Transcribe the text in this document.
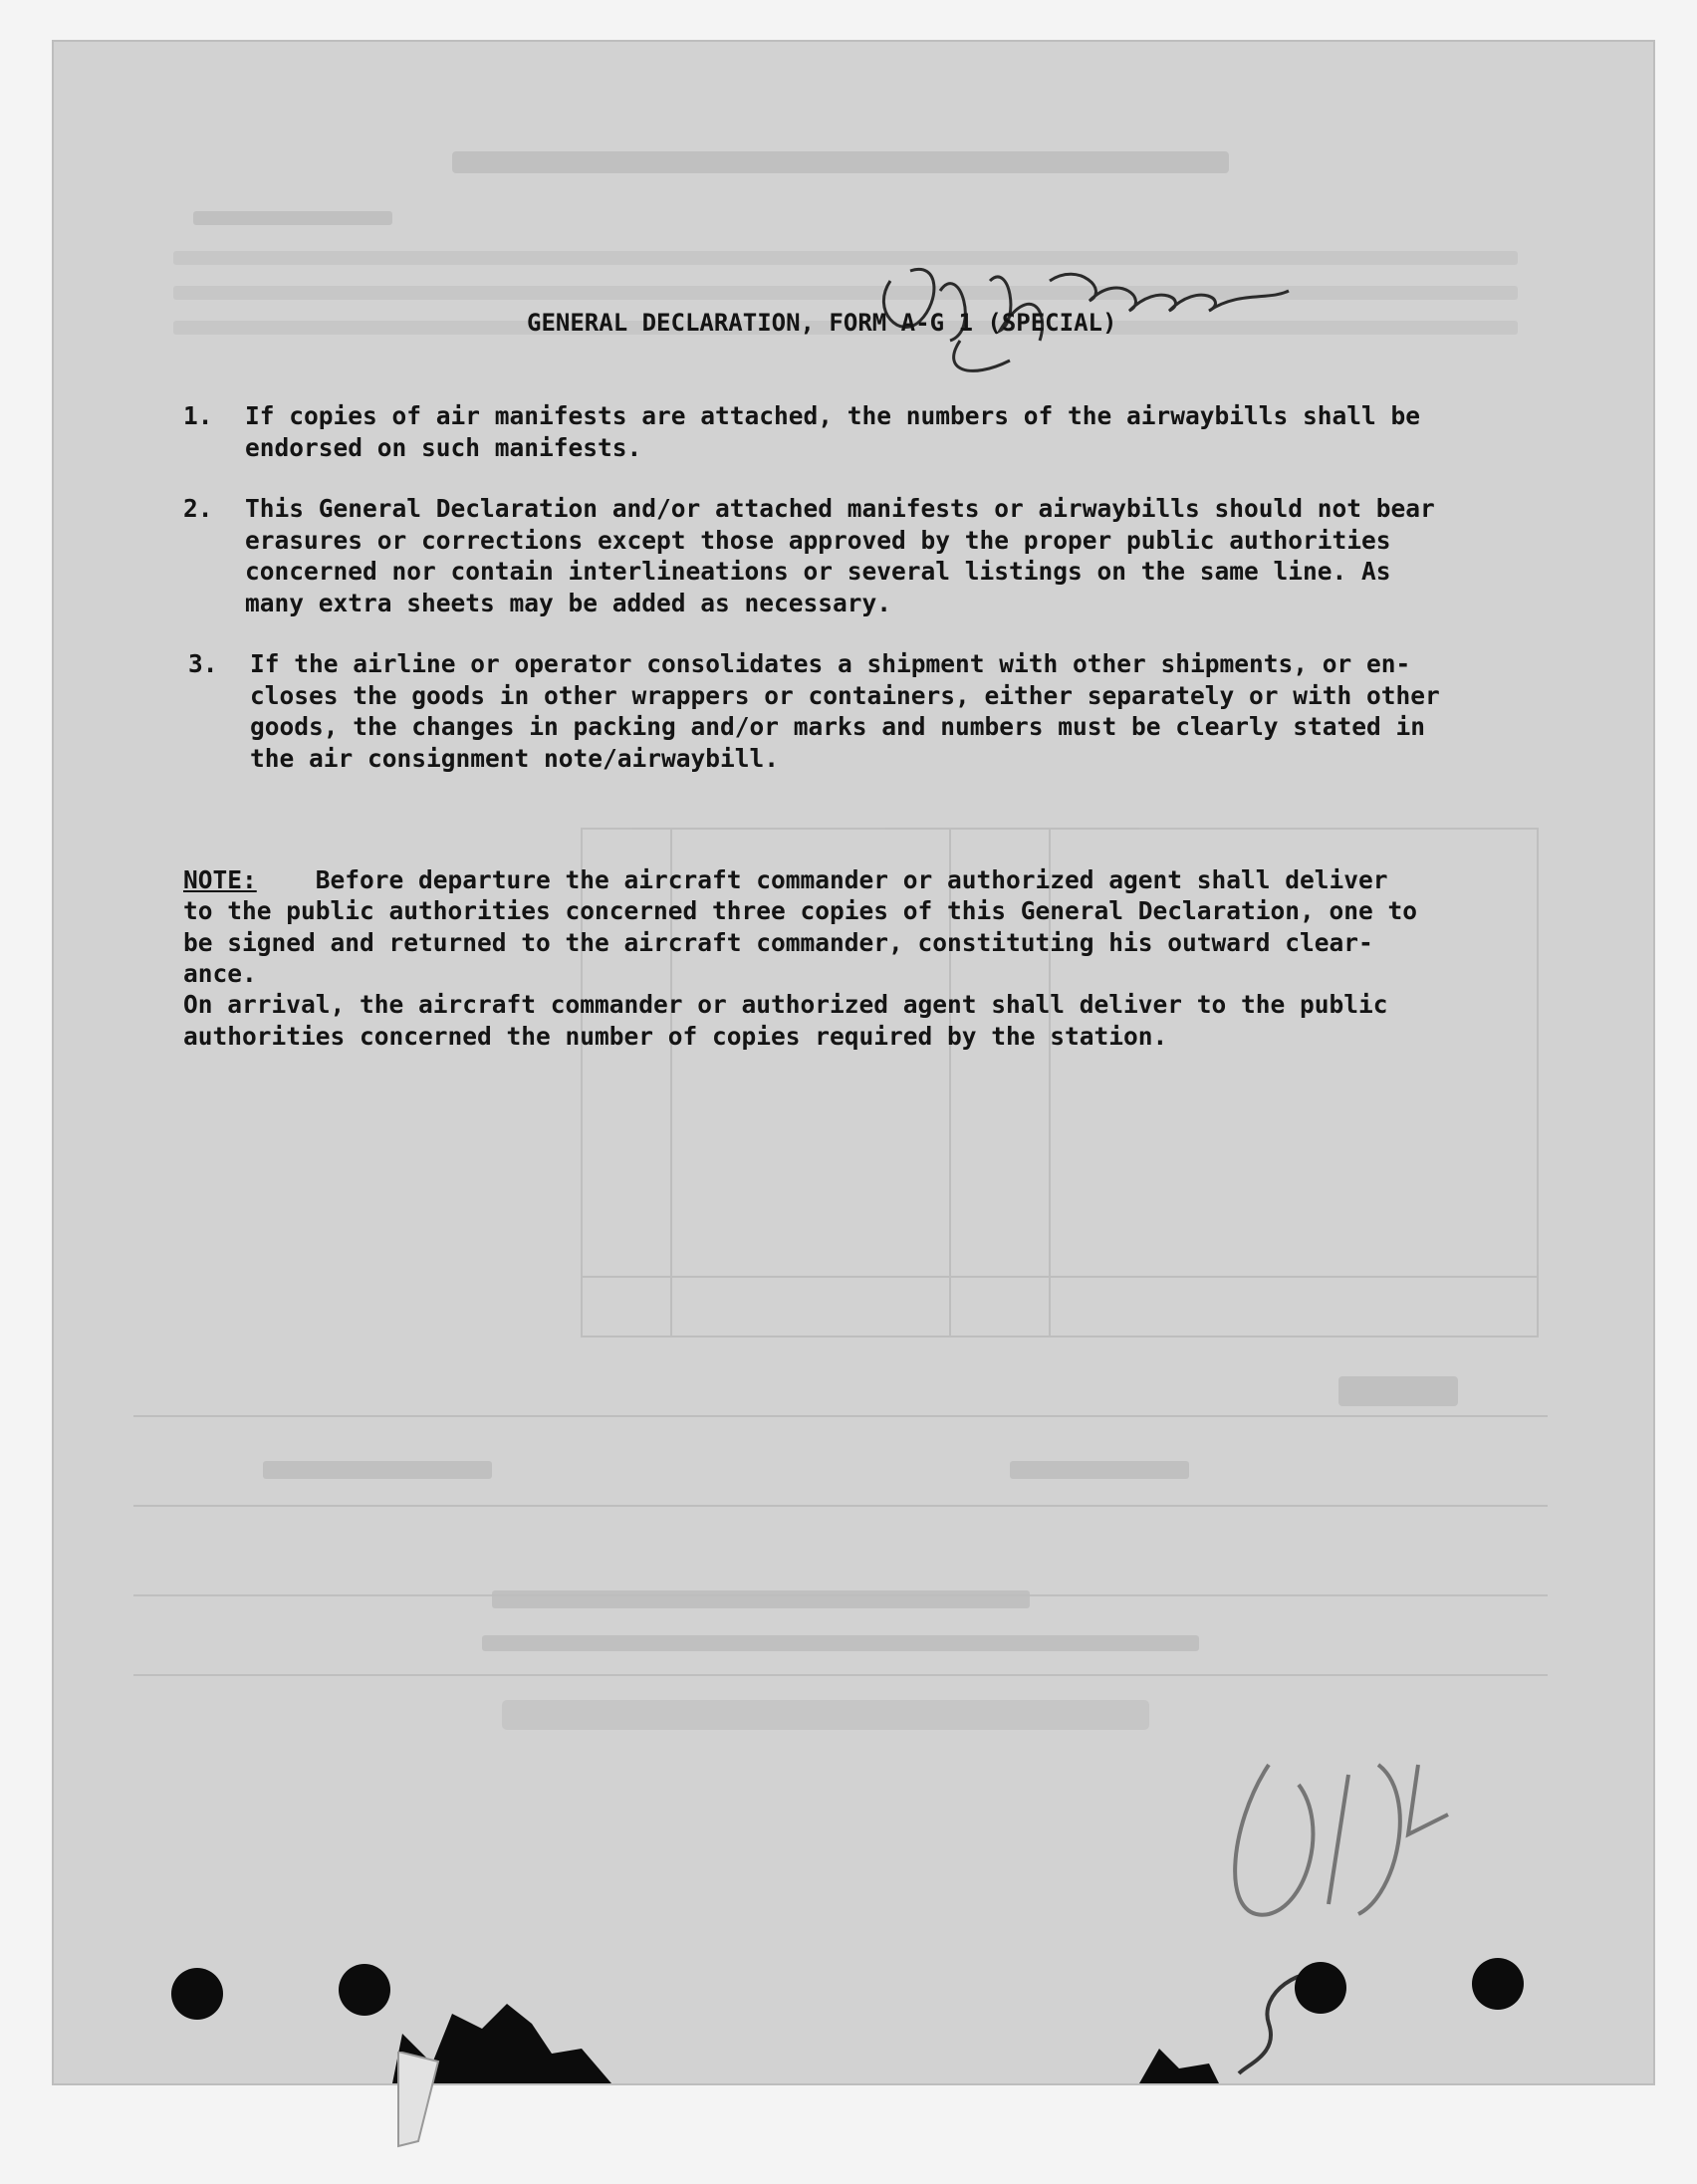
GENERAL DECLARATION, FORM A-G 1 (SPECIAL)
1.	If copies of air manifests are attached, the numbers of the airwaybills shall be
endorsed on such manifests.
2.	This General Declaration and/or attached manifests or airwaybills should not bear
erasures or corrections except those approved by the proper public authorities
concerned nor contain interlineations or several listings on the same line. As
many extra sheets may be added as necessary.
3.	If the airline or operator consolidates a shipment with other shipments, or en-
closes the goods in other wrappers or containers, either separately or with other
goods, the changes in packing and/or marks and numbers must be clearly stated in
the air consignment note/airwaybill.

NOTE: Before departure the aircraft commander or authorized agent shall deliver
to the public authorities concerned three copies of this General Declaration, one to
be signed and returned to the aircraft commander, constituting his outward clear-
ance.

On arrival, the aircraft commander or authorized agent shall deliver to the public
authorities concerned the number of copies required by the station.
